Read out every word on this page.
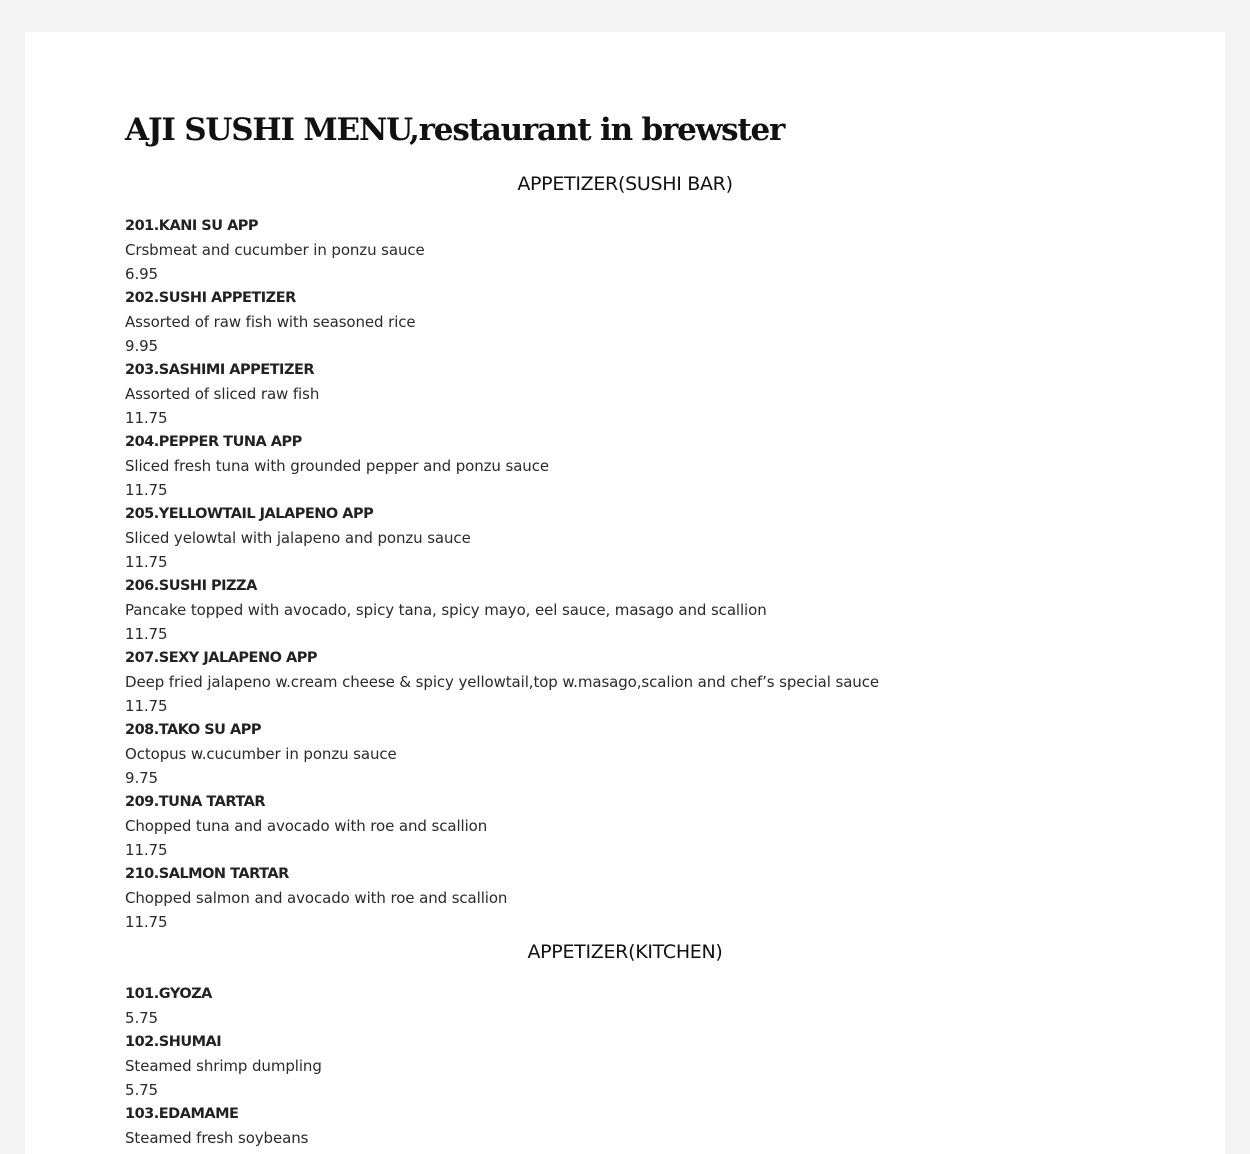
AJI SUSHI MENU,restaurant in brewster
APPETIZER(SUSHI BAR)
201.KANI SU APP
Crsbmeat and cucumber in ponzu sauce
6.95
202.SUSHI APPETIZER
Assorted of raw fish with seasoned rice
9.95
203.SASHIMI APPETIZER
Assorted of sliced raw fish
11.75
204.PEPPER TUNA APP
Sliced fresh tuna with grounded pepper and ponzu sauce
11.75
205.YELLOWTAIL JALAPENO APP
Sliced yelowtal with jalapeno and ponzu sauce
11.75
206.SUSHI PIZZA
Pancake topped with avocado, spicy tana, spicy mayo, eel sauce, masago and scallion
11.75
207.SEXY JALAPENO APP
Deep fried jalapeno w.cream cheese & spicy yellowtail,top w.masago,scalion and chef’s special sauce
11.75
208.TAKO SU APP
Octopus w.cucumber in ponzu sauce
9.75
209.TUNA TARTAR
Chopped tuna and avocado with roe and scallion
11.75
210.SALMON TARTAR
Chopped salmon and avocado with roe and scallion
11.75
APPETIZER(KITCHEN)
101.GYOZA
5.75
102.SHUMAI
Steamed shrimp dumpling
5.75
103.EDAMAME
Steamed fresh soybeans
